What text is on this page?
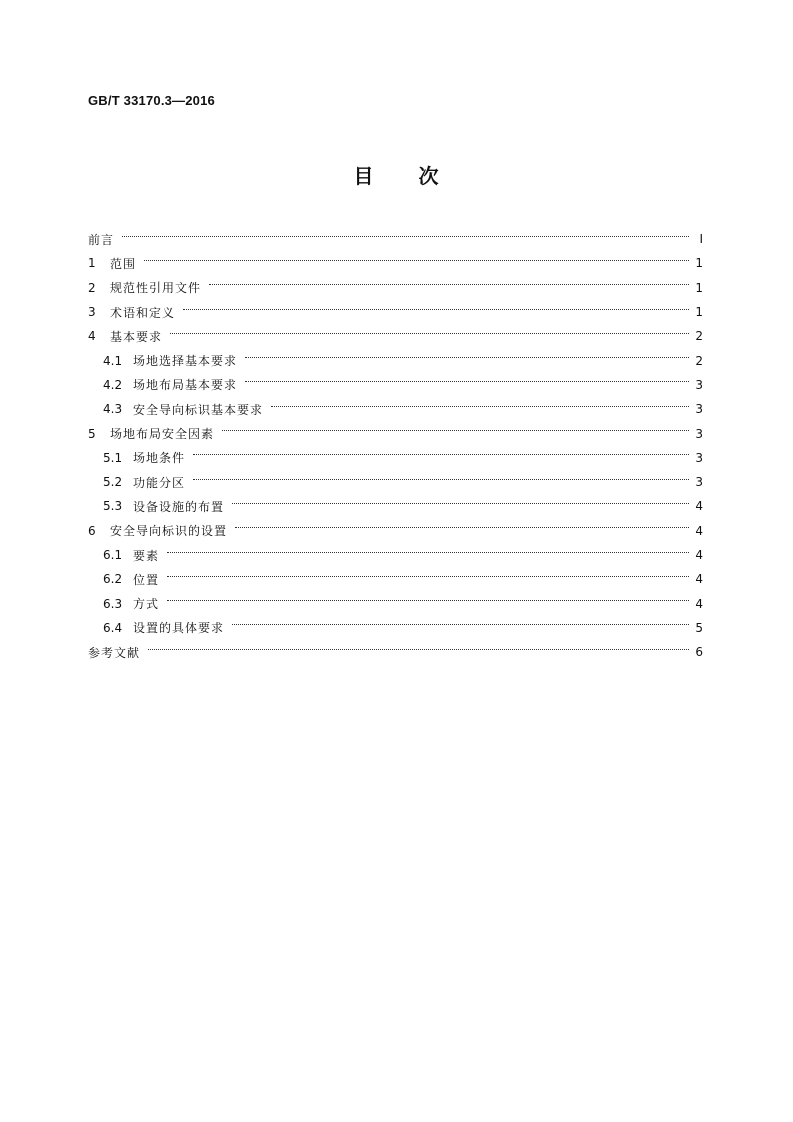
GB/T 33170.3—2016
目 次
前言	Ⅰ
1	范围	1
2	规范性引用文件	1
3	术语和定义	1
4	基本要求	2
4.1 场地选择基本要求	2
4.2 场地布局基本要求	3
4.3 安全导向标识基本要求	3
5	场地布局安全因素	3
5.1 场地条件	3
5.2 功能分区	3
5.3 设备设施的布置	4
6	安全导向标识的设置	4
6.1 要素	4
6.2 位置	4
6.3 方式	4
6.4 设置的具体要求	5
参考文献	6
